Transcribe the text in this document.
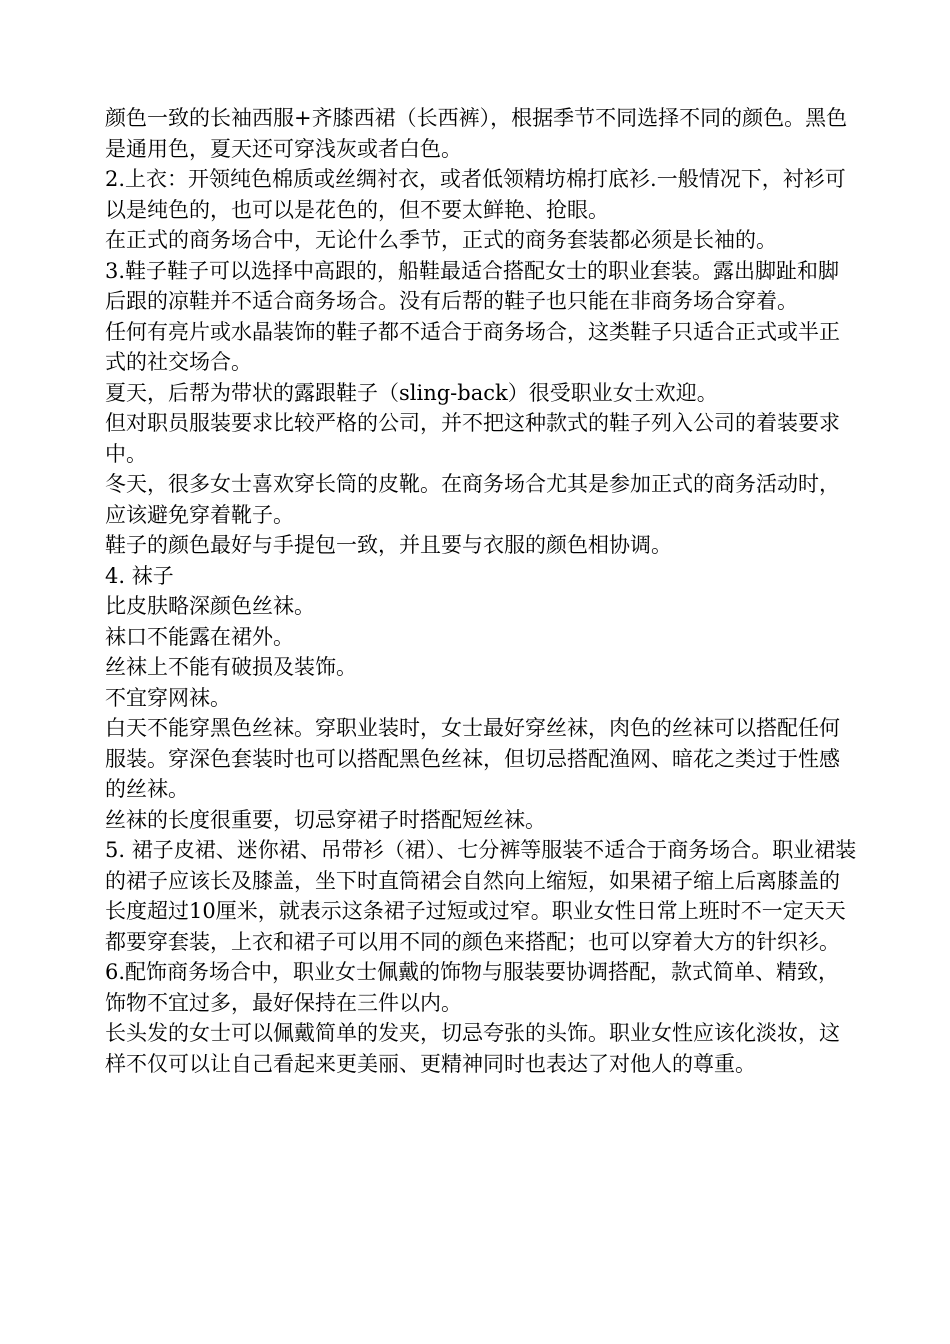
颜色一致的长袖西服+齐膝西裙（长西裤），根据季节不同选择不同的颜色。黑色是通用色，夏天还可穿浅灰或者白色。

2.上衣：开领纯色棉质或丝绸衬衣，或者低领精坊棉打底衫.一般情况下，衬衫可以是纯色的，也可以是花色的，但不要太鲜艳、抢眼。

在正式的商务场合中，无论什么季节，正式的商务套装都必须是长袖的。

3.鞋子鞋子可以选择中高跟的，船鞋最适合搭配女士的职业套装。露出脚趾和脚后跟的凉鞋并不适合商务场合。没有后帮的鞋子也只能在非商务场合穿着。

任何有亮片或水晶装饰的鞋子都不适合于商务场合，这类鞋子只适合正式或半正式的社交场合。

夏天，后帮为带状的露跟鞋子（sling-back）很受职业女士欢迎。

但对职员服装要求比较严格的公司，并不把这种款式的鞋子列入公司的着装要求中。

冬天，很多女士喜欢穿长筒的皮靴。在商务场合尤其是参加正式的商务活动时，应该避免穿着靴子。

鞋子的颜色最好与手提包一致，并且要与衣服的颜色相协调。

4. 袜子

比皮肤略深颜色丝袜。

袜口不能露在裙外。

丝袜上不能有破损及装饰。

不宜穿网袜。

白天不能穿黑色丝袜。穿职业装时，女士最好穿丝袜，肉色的丝袜可以搭配任何服装。穿深色套装时也可以搭配黑色丝袜，但切忌搭配渔网、暗花之类过于性感的丝袜。

丝袜的长度很重要，切忌穿裙子时搭配短丝袜。

5. 裙子皮裙、迷你裙、吊带衫（裙）、七分裤等服装不适合于商务场合。职业裙装的裙子应该长及膝盖，坐下时直筒裙会自然向上缩短，如果裙子缩上后离膝盖的长度超过10厘米，就表示这条裙子过短或过窄。职业女性日常上班时不一定天天都要穿套装，上衣和裙子可以用不同的颜色来搭配；也可以穿着大方的针织衫。

6.配饰商务场合中，职业女士佩戴的饰物与服装要协调搭配，款式简单、精致，饰物不宜过多，最好保持在三件以内。

长头发的女士可以佩戴简单的发夹，切忌夸张的头饰。职业女性应该化淡妆，这样不仅可以让自己看起来更美丽、更精神同时也表达了对他人的尊重。
